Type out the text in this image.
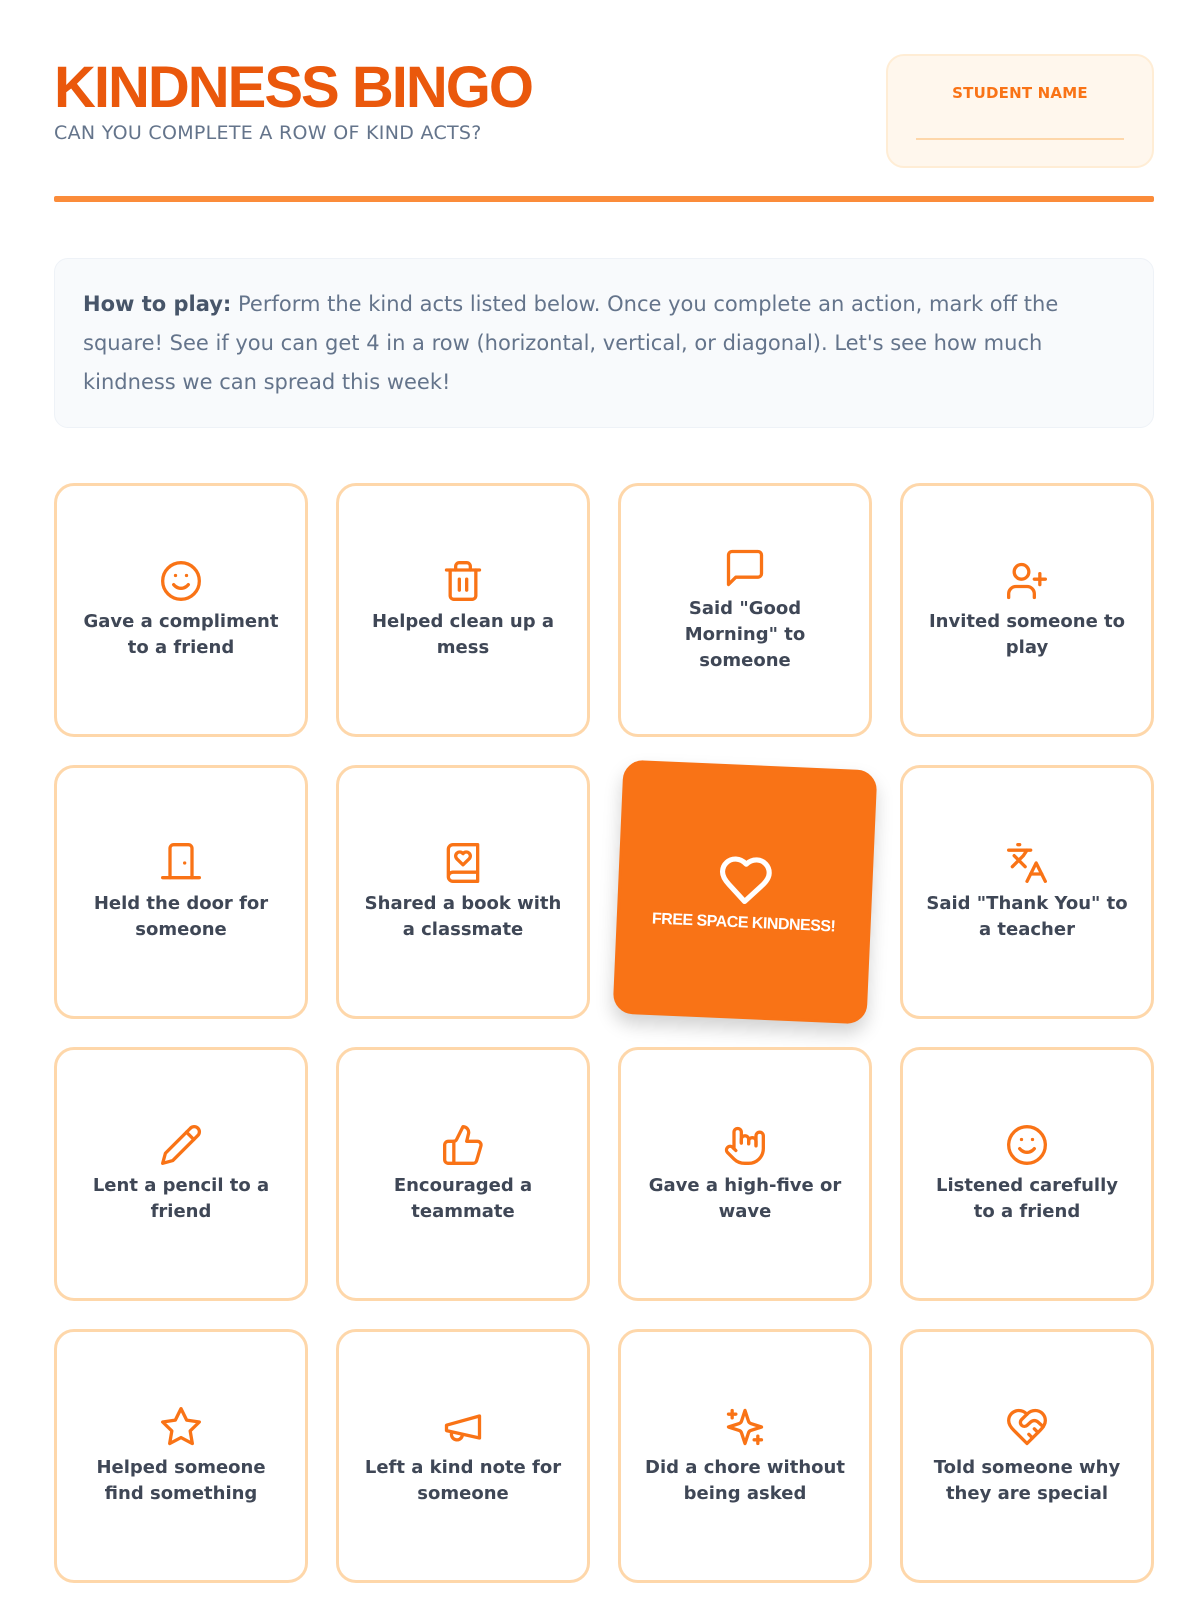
KINDNESS BINGO
CAN YOU COMPLETE A ROW OF KIND ACTS?
STUDENT NAME
How to play: Perform the kind acts listed below. Once you complete an action, mark off the square! See if you can get 4 in a row (horizontal, vertical, or diagonal). Let's see how much kindness we can spread this week!
Gave a compliment to a friend
Helped clean up a mess
Said "Good Morning" to someone
Invited someone to play
Held the door for someone
Shared a book with a classmate	FREE SPACE KINDNESS!
Said "Thank You" to a teacher
Lent a pencil to a friend
Encouraged a teammate
Gave a high-five or wave
Listened carefully to a friend
Helped someone find something
Left a kind note for someone
Did a chore without being asked
Told someone why they are special
